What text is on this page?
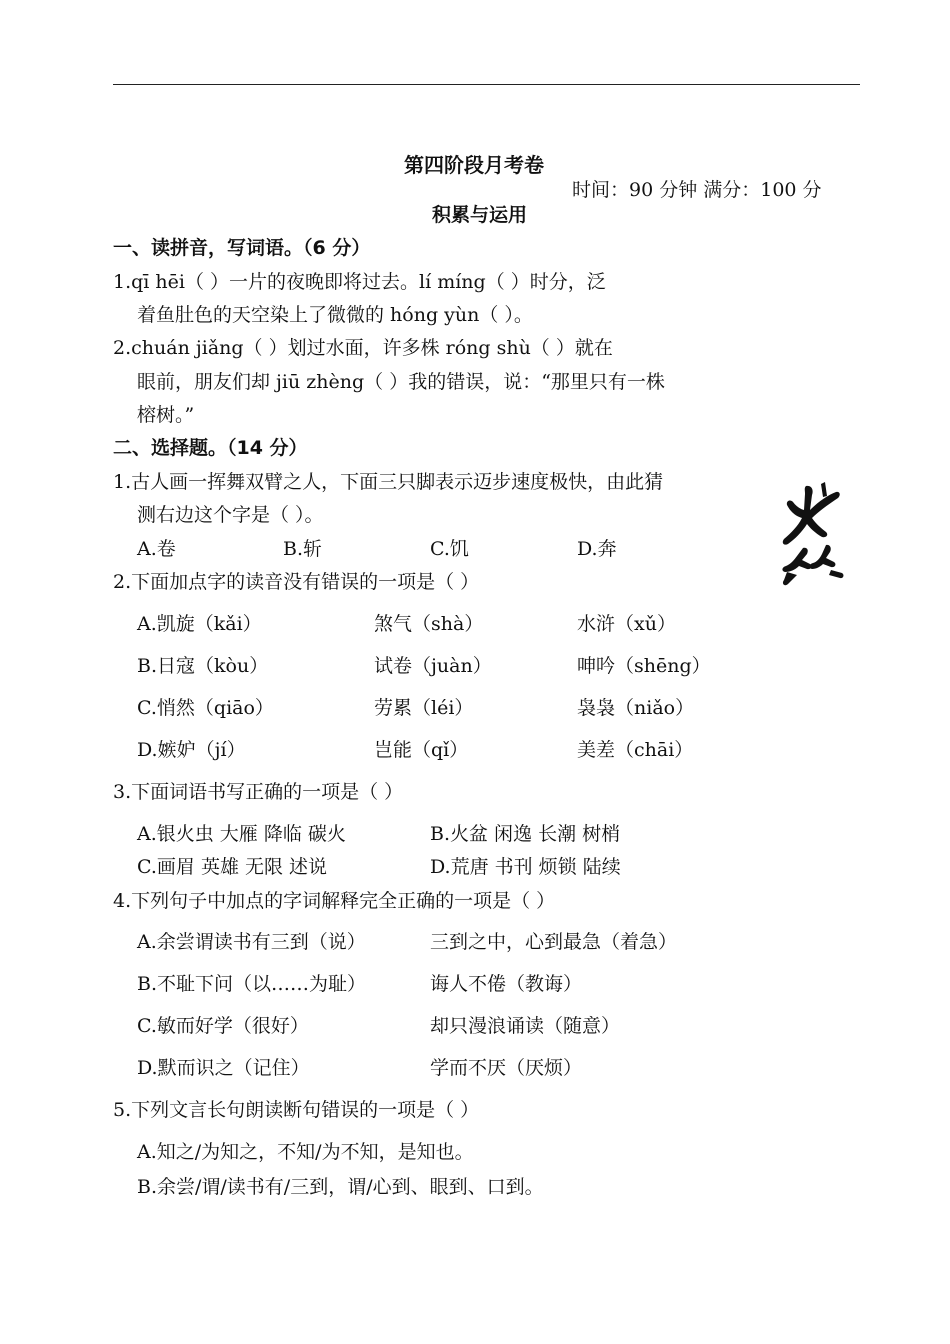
第四阶段月考卷
时间：90 分钟 满分：100 分
积累与运用
一、读拼音，写词语。（6 分）
1.qī hēi（ ）一片的夜晚即将过去。lí míng（ ）时分，泛
着鱼肚色的天空染上了微微的 hóng yùn（ ）。
2.chuán jiǎng（ ）划过水面，许多株 róng shù（ ）就在
眼前，朋友们却 jiū zhèng（ ）我的错误，说：“那里只有一株
榕树。”
二、选择题。（14 分）
1.古人画一挥舞双臂之人，下面三只脚表示迈步速度极快，由此猜
测右边这个字是（ ）。
A.卷	B.斩	C.饥	D.奔
2.下面加点字的读音没有错误的一项是（ ）
A.凯旋（kǎi）	煞气（shà）	水浒（xǔ）
B.日寇（kòu）	试卷（juàn）	呻吟（shēng）
C.悄然（qiāo）	劳累（léi）	袅袅（niǎo）
D.嫉妒（jí）	岂能（qǐ）	美差（chāi）
3.下面词语书写正确的一项是（ ）
A.银火虫 大雁 降临 碳火	B.火盆 闲逸 长潮 树梢
C.画眉 英雄 无限 述说	D.荒唐 书刊 烦锁 陆续
4.下列句子中加点的字词解释完全正确的一项是（ ）
A.余尝谓读书有三到（说）	三到之中，心到最急（着急）
B.不耻下问（以……为耻）	诲人不倦（教诲）
C.敏而好学（很好）	却只漫浪诵读（随意）
D.默而识之（记住）	学而不厌（厌烦）
5.下列文言长句朗读断句错误的一项是（ ）
A.知之/为知之，不知/为不知，是知也。
B.余尝/谓/读书有/三到，谓/心到、眼到、口到。
